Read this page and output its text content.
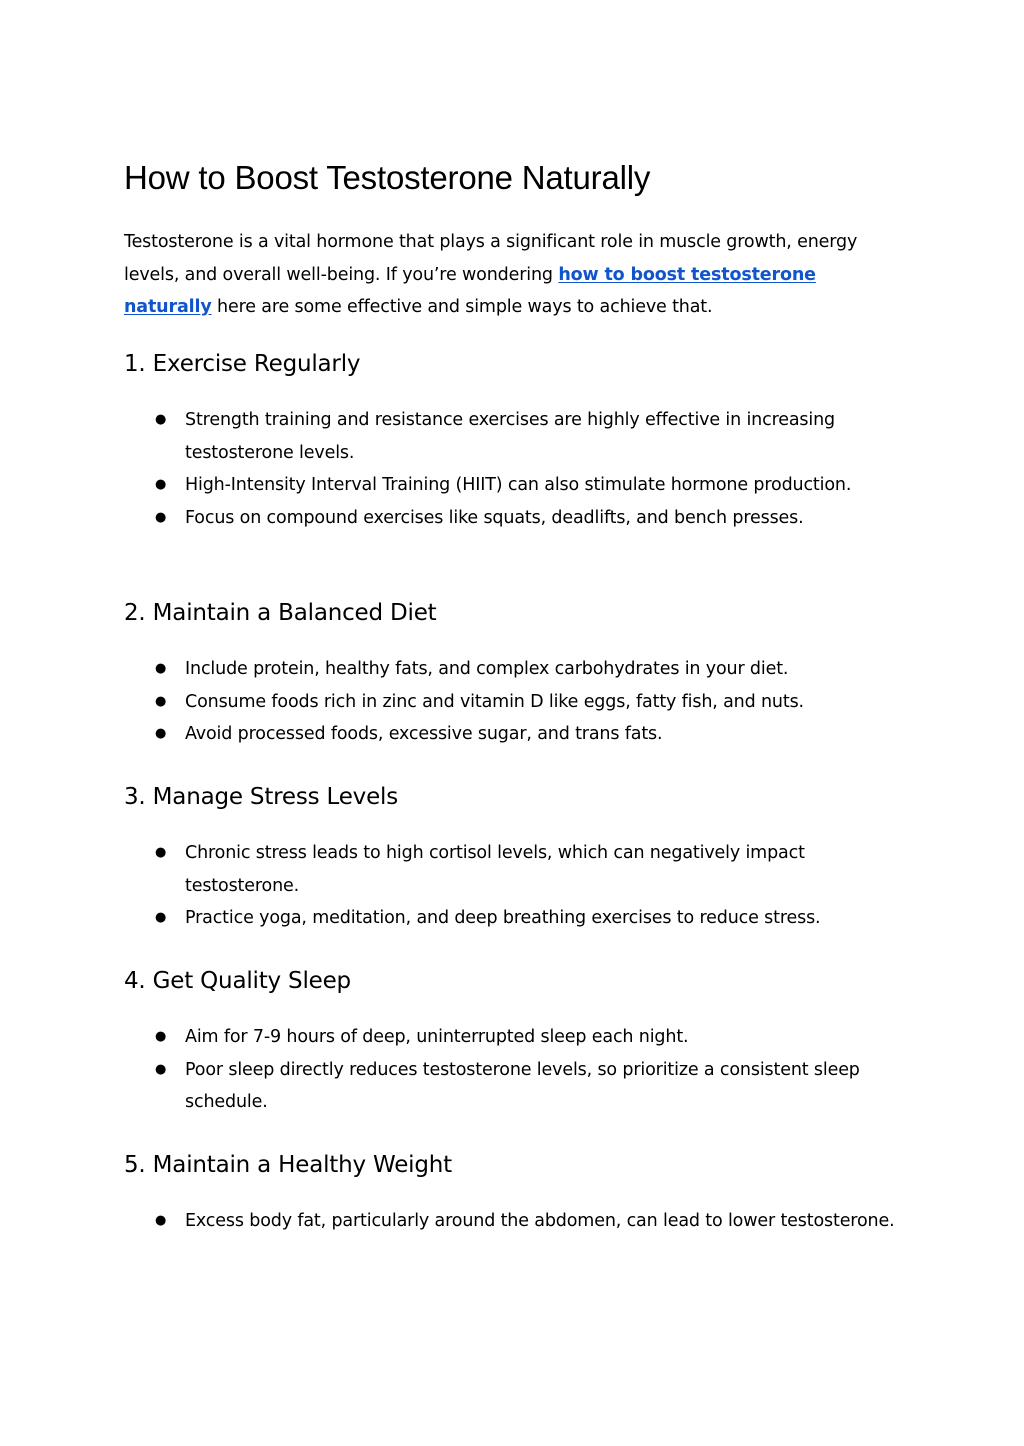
How to Boost Testosterone Naturally

Testosterone is a vital hormone that plays a significant role in muscle growth, energy levels, and overall well-being. If you’re wondering how to boost testosterone naturally here are some effective and simple ways to achieve that.

1. Exercise Regularly
● Strength training and resistance exercises are highly effective in increasing testosterone levels.
● High-Intensity Interval Training (HIIT) can also stimulate hormone production.
● Focus on compound exercises like squats, deadlifts, and bench presses.
2. Maintain a Balanced Diet
● Include protein, healthy fats, and complex carbohydrates in your diet.
● Consume foods rich in zinc and vitamin D like eggs, fatty fish, and nuts.
● Avoid processed foods, excessive sugar, and trans fats.
3. Manage Stress Levels
● Chronic stress leads to high cortisol levels, which can negatively impact testosterone.
● Practice yoga, meditation, and deep breathing exercises to reduce stress.
4. Get Quality Sleep
● Aim for 7-9 hours of deep, uninterrupted sleep each night.
● Poor sleep directly reduces testosterone levels, so prioritize a consistent sleep schedule.
5. Maintain a Healthy Weight
● Excess body fat, particularly around the abdomen, can lead to lower testosterone.
